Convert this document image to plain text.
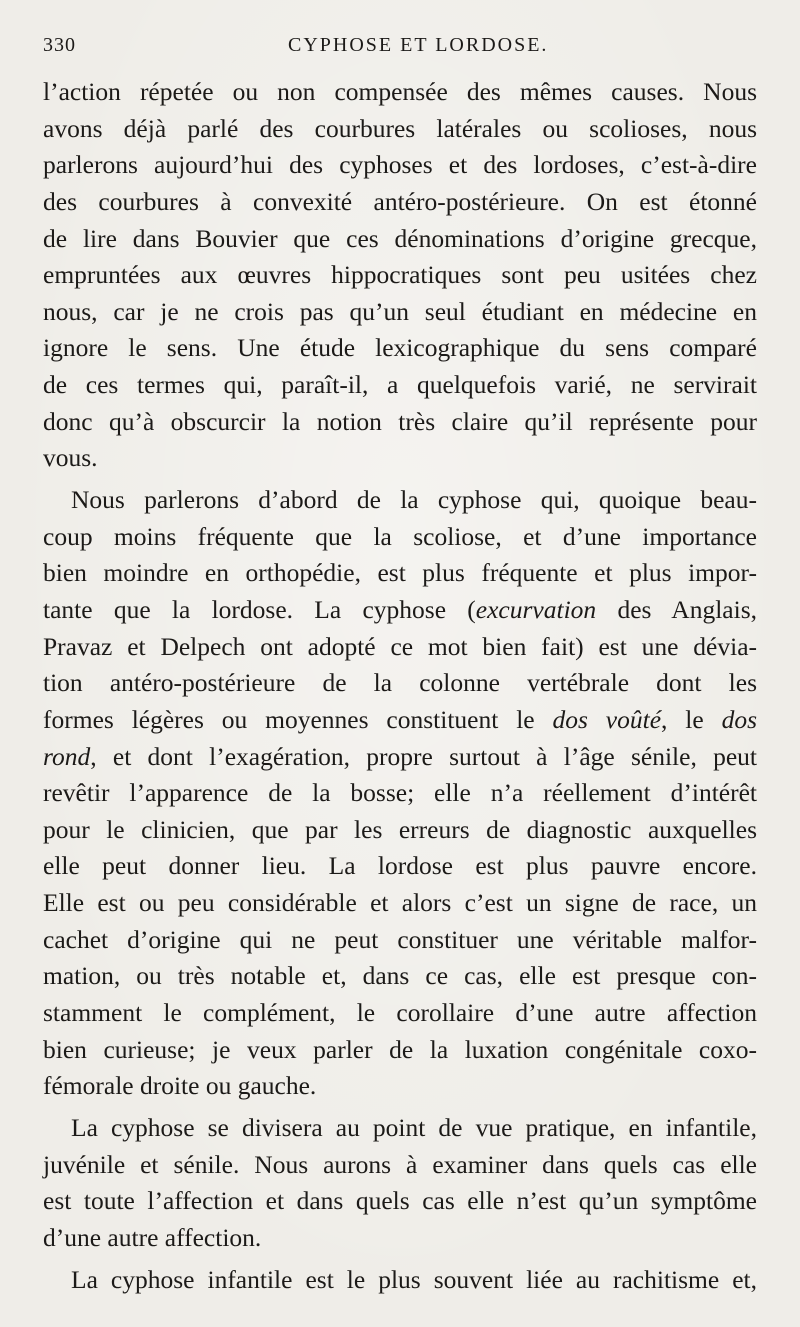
330	CYPHOSE ET LORDOSE.
l’action répetée ou non compensée des mêmes causes. Nous
avons déjà parlé des courbures latérales ou scolioses, nous
parlerons aujourd’hui des cyphoses et des lordoses, c’est-à-dire
des courbures à convexité antéro-postérieure. On est étonné
de lire dans Bouvier que ces dénominations d’origine grecque,
empruntées aux œuvres hippocratiques sont peu usitées chez
nous, car je ne crois pas qu’un seul étudiant en médecine en
ignore le sens. Une étude lexicographique du sens comparé
de ces termes qui, paraît-il, a quelquefois varié, ne servirait
donc qu’à obscurcir la notion très claire qu’il représente pour
vous.
Nous parlerons d’abord de la cyphose qui, quoique beau-
coup moins fréquente que la scoliose, et d’une importance
bien moindre en orthopédie, est plus fréquente et plus impor-
tante que la lordose. La cyphose (excurvation des Anglais,
Pravaz et Delpech ont adopté ce mot bien fait) est une dévia-
tion antéro-postérieure de la colonne vertébrale dont les
formes légères ou moyennes constituent le dos voûté, le dos
rond, et dont l’exagération, propre surtout à l’âge sénile, peut
revêtir l’apparence de la bosse; elle n’a réellement d’intérêt
pour le clinicien, que par les erreurs de diagnostic auxquelles
elle peut donner lieu. La lordose est plus pauvre encore.
Elle est ou peu considérable et alors c’est un signe de race, un
cachet d’origine qui ne peut constituer une véritable malfor-
mation, ou très notable et, dans ce cas, elle est presque con-
stamment le complément, le corollaire d’une autre affection
bien curieuse; je veux parler de la luxation congénitale coxo-
fémorale droite ou gauche.
La cyphose se divisera au point de vue pratique, en infantile,
juvénile et sénile. Nous aurons à examiner dans quels cas elle
est toute l’affection et dans quels cas elle n’est qu’un symptôme
d’une autre affection.
La cyphose infantile est le plus souvent liée au rachitisme et,
